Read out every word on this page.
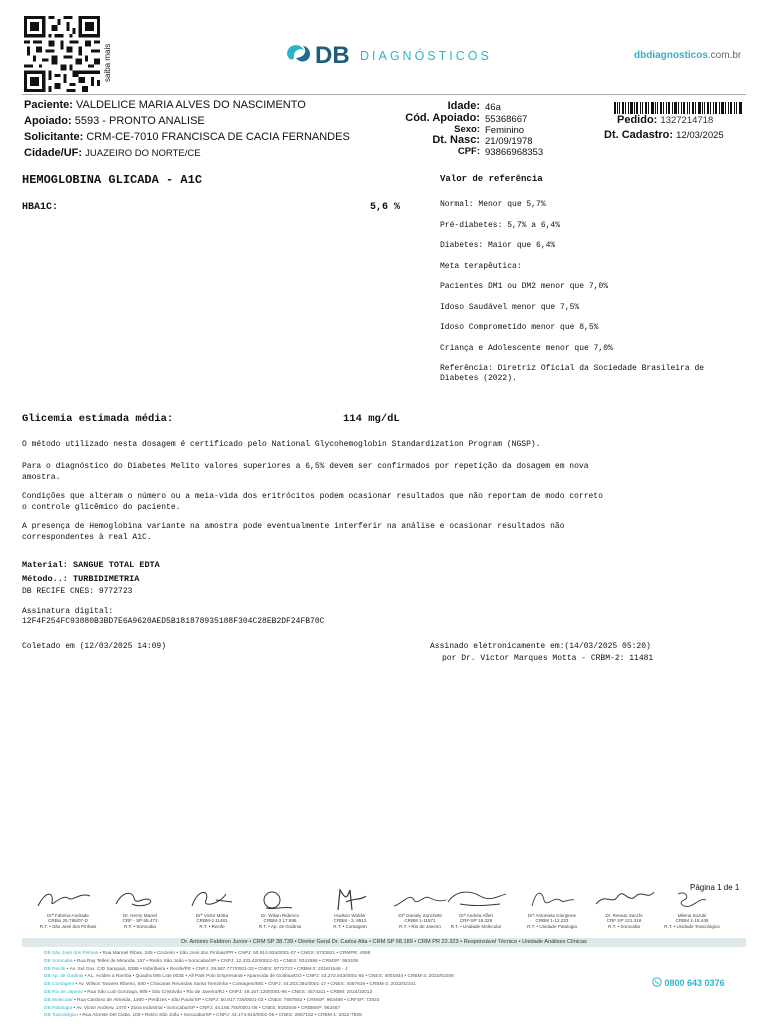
saiba mais	DB DIAGNÓSTICOS	dbdiagnosticos.com.br
Paciente: VALDELICE MARIA ALVES DO NASCIMENTO
Apoiado: 5593 - PRONTO ANALISE
Solicitante: CRM-CE-7010 FRANCISCA DE CACIA FERNANDES
Cidade/UF: JUAZEIRO DO NORTE/CE
Idade: 46a
Cód. Apoiado: 55368667
Sexo: Feminino
Dt. Nasc: 21/09/1978
CPF: 93866968353
Pedido: 1327214718
Dt. Cadastro: 12/03/2025
HEMOGLOBINA GLICADA - A1C	Valor de referência
HBA1C:	5,6 %	Normal: Menor que 5,7%
Pré-diabetes: 5,7% a 6,4%
Diabetes: Maior que 6,4%
Meta terapêutica:
Pacientes DM1 ou DM2 menor que 7,0%
Idoso Saudável menor que 7,5%
Idoso Comprometido menor que 8,5%
Criança e Adolescente menor que 7,0%
Referência: Diretriz Oficial da Sociedade Brasileira de
Diabetes (2022).
Glicemia estimada média:	114 mg/dL
O método utilizado nesta dosagem é certificado pelo National Glycohemoglobin Standardization Program (NGSP).
Para o diagnóstico do Diabetes Melito valores superiores a 6,5% devem ser confirmados por repetição da dosagem em nova
amostra.
Condições que alteram o número ou a meia-vida dos eritrócitos podem ocasionar resultados que não reportam de modo correto
o controle glicêmico do paciente.
A presença de Hemoglobina variante na amostra pode eventualmente interferir na análise e ocasionar resultados não
correspondentes à real A1C.
Material: SANGUE TOTAL EDTA
Método..: TURBIDIMETRIA
DB RECIFE CNES: 9772723
Assinatura digital:
12F4F254FC93880B3BD7E6A9620AED5B181878935188F304C28EB2DF24FB70C
Coletado em (12/03/2025 14:09)	Assinado eletronicamente em:(14/03/2025 05:20)
por Dr. Victor Marques Motta - CRBM-2: 11481
Página 1 de 1
Drª Fabrina Andrade
CRBio 25.795/07-D
R.T. • São José dos Pinhais
Dr. Henry Maciel
CRF - SP 85.471
R.T. • Sorocaba
Drª Victor Motta
CRBM-2 11481
R.T. • Recife
Dr. Wilian Ridenco
CRBM-3 17.596
R.T. • Ap. de Goiânia
Hudson Wolder
CRBM - 3. 8512
R.T. • Contagem
Drª Daniely Zanchetti
CRBM 1-11571
R.T. • Rio de Janeiro
Drª Andréa Alferi
CRF-SP 18.329
R.T. • Unidade Molecular
Drª Antonieta Giorgione
CRBM 1-12.223
R.T. • Unidade Patologia
Dr. Renato Sacchi
CRF SP 121.316
R.T. • Sorocaba
Milena Suzuki
CRBM 1-18.445
R.T. • Unidade Toxicológico
Dr. Antonio Fabbron Junior • CRM SP 38.739 • Diretor Geral Dr. Carlos Alta • CRM SP 68.189 • CRM PR 22.323 • Responsável Técnico • Unidade Análises Clínicas
DB São José dos Pinhais • Rua Manoel Ribas, 245 • Cruzeiro • São José dos Pinhais/PR • CNPJ: 50.914.934/0001-07 • CNES: 6733921 • CRMPR: 4958
DB Sorocaba • Rua Ruy Telles de Miranda, 157 • Retiro São João • Sorocaba/SP • CNPJ: 12.433.420/0012-01 • CNES: 9342656 • CRMSP: 963406
DB Recife • Av. Sul Gov. CID Sampaio, 8385 • Imbiribeira • Recife/PE • CNPJ: 29.567.777/0001-33 • CNES: 9772723 • CRBM-2: 2018/1548 - J
DB Ap. de Goiânia • AL. Acídes a Ramba • Quadra 005 Lote 003E • All Park Polo Empresarial • Aparecida de Goiânia/GO • CNPJ: 43.272.843/0001-50 • CNES: 4001934 • CRBM-3: 2022/02206
DB Contagem • Av. Wilson Tavares Ribeiro, 580 • Chácaras Reunidas Santa Terezinha • Contagem/MG • CNPJ: 44.203.391/0001-17 • CNES: 4057619 • CRBM-3: 2022/02341
DB Rio de Janeiro • Rua São Luiz Gonzaga, 889 • São Cristóvão • Rio de Janeiro/RJ • CNPJ: 49.157.120/0001-95 • CNES: 4574311 • CRBM: 2024/10013
DB Molecular • Rua Cardoso de Almeida, 1460 • Perdizes • São Paulo/SP • CNPJ: 50.917.729/0001-03 • CNES: 7887582 • CRMSP: 963468 • CRFSP: 72933
DB Patologia • Av. Victor Andrew, 1470 • Zona Industrial • Sorocaba/SP • CNPJ: 44.156.756/0001-08 • CNES: 9183049 • CRBMSP: 963467
DB Toxicológico • Rua Alceste Del Cistia, 108 • Retiro São João • Sorocaba/SP • CNPJ: 44.174.943/0001-06 • CNES: 2867182 • CRBM-1: 2022-7839
0800 643 0376
